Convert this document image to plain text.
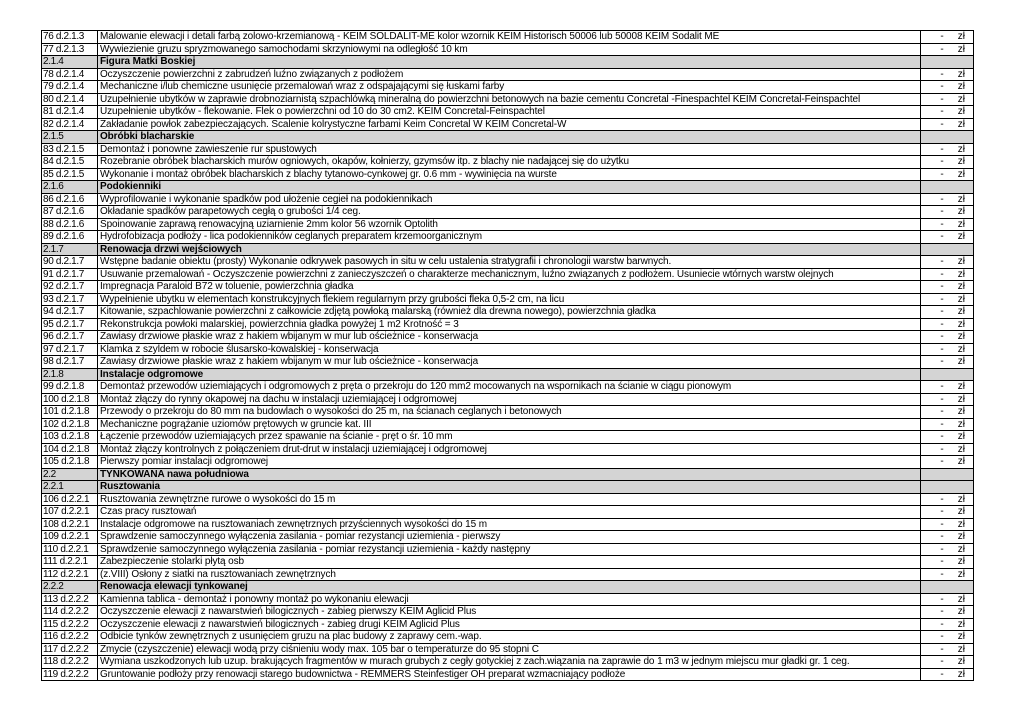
76 d.2.1.3	Malowanie elewacji i detali farbą zolowo-krzemianową - KEIM SOLDALIT-ME kolor wzornik KEIM Historisch 50006 lub 50008 KEIM Sodalit ME	- zł

77 d.2.1.3	Wywiezienie gruzu spryzmowanego samochodami skrzyniowymi na odległość 10 km	- zł

2.1.4	Figura Matki Boskiej	
78 d.2.1.4	Oczyszczenie powierzchni z zabrudzeń luźno związanych z podłożem	- zł

79 d.2.1.4	Mechaniczne i/lub chemiczne usunięcie przemalowań wraz z odspajającymi się łuskami farby	- zł

80 d.2.1.4	Uzupełnienie ubytków w zaprawie drobnoziarnistą szpachlówką mineralną do powierzchni betonowych na bazie cementu Concretal -Finespachtel KEIM Concretal-Feinspachtel	- zł

81 d.2.1.4	Uzupełnienie ubytków - flekowanie. Flek o powierzchni od 10 do 30 cm2. KEIM Concretal-Feinspachtel	- zł

82 d.2.1.4	Zakładanie powłok zabezpieczających. Scalenie kolrystyczne farbami Keim Concretal W KEIM Concretal-W	- zł

2.1.5	Obróbki blacharskie	
83 d.2.1.5	Demontaż i ponowne zawieszenie rur spustowych	- zł

84 d.2.1.5	Rozebranie obróbek blacharskich murów ogniowych, okapów, kołnierzy, gzymsów itp. z blachy nie nadającej się do użytku	- zł

85 d.2.1.5	Wykonanie i montaż obróbek blacharskich z blachy tytanowo-cynkowej gr. 0.6 mm - wywinięcia na wurste	- zł

2.1.6	Podokienniki	
86 d.2.1.6	Wyprofilowanie i wykonanie spadków pod ułożenie cegieł na podokiennikach	- zł

87 d.2.1.6	Okładanie spadków parapetowych cegłą o grubości 1/4 ceg.	- zł

88 d.2.1.6	Spoinowanie zaprawą renowacyjną uziarnienie 2mm kolor 56 wzornik Optolith	- zł

89 d.2.1.6	Hydrofobizacja podłoży - lica podokienników ceglanych preparatem krzemoorganicznym	- zł

2.1.7	Renowacja drzwi wejściowych	
90 d.2.1.7	Wstępne badanie obiektu (prosty) Wykonanie odkrywek pasowych in situ w celu ustalenia stratygrafii i chronologii warstw barwnych.	- zł

91 d.2.1.7	Usuwanie przemalowań - Oczyszczenie powierzchni z zanieczyszczeń o charakterze mechanicznym, luźno związanych z podłożem. Usuniecie wtórnych warstw olejnych	- zł

92 d.2.1.7	Impregnacja Paraloid B72 w toluenie, powierzchnia gładka	- zł

93 d.2.1.7	Wypełnienie ubytku w elementach konstrukcyjnych flekiem regularnym przy grubości fleka 0,5-2 cm, na licu	- zł

94 d.2.1.7	Kitowanie, szpachlowanie powierzchni z całkowicie zdjętą powłoką malarską (również dla drewna nowego), powierzchnia gładka	- zł

95 d.2.1.7	Rekonstrukcja powłoki malarskiej, powierzchnia gładka powyżej 1 m2 Krotność = 3	- zł

96 d.2.1.7	Zawiasy drzwiowe płaskie wraz z hakiem wbijanym w mur lub ościeżnice - konserwacja	- zł

97 d.2.1.7	Klamka z szyldem w robocie ślusarsko-kowalskiej - konserwacja	- zł

98 d.2.1.7	Zawiasy drzwiowe płaskie wraz z hakiem wbijanym w mur lub ościeżnice - konserwacja	- zł

2.1.8	Instalacje odgromowe	
99 d.2.1.8	Demontaż przewodów uziemiających i odgromowych z pręta o przekroju do 120 mm2 mocowanych na wspornikach na ścianie w ciągu pionowym	- zł

100 d.2.1.8	Montaż złączy do rynny okapowej na dachu w instalacji uziemiającej i odgromowej	- zł

101 d.2.1.8	Przewody o przekroju do 80 mm na budowlach o wysokości do 25 m, na ścianach ceglanych i betonowych	- zł

102 d.2.1.8	Mechaniczne pogrążanie uziomów prętowych w gruncie kat. III	- zł

103 d.2.1.8	Łączenie przewodów uziemiających przez spawanie na ścianie - pręt o śr. 10 mm	- zł

104 d.2.1.8	Montaż złączy kontrolnych z połączeniem drut-drut w instalacji uziemiającej i odgromowej	- zł

105 d.2.1.8	Pierwszy pomiar instalacji odgromowej	- zł

2.2	TYNKOWANA nawa południowa	
2.2.1	Rusztowania	
106 d.2.2.1	Rusztowania zewnętrzne rurowe o wysokości do 15 m	- zł

107 d.2.2.1	Czas pracy rusztowań	- zł

108 d.2.2.1	Instalacje odgromowe na rusztowaniach zewnętrznych przyściennych wysokości do 15 m	- zł

109 d.2.2.1	Sprawdzenie samoczynnego wyłączenia zasilania - pomiar rezystancji uziemienia - pierwszy	- zł

110 d.2.2.1	Sprawdzenie samoczynnego wyłączenia zasilania - pomiar rezystancji uziemienia - każdy następny	- zł

111 d.2.2.1	Zabezpieczenie stolarki płytą osb	- zł

112 d.2.2.1	(z.VIII) Osłony z siatki na rusztowaniach zewnętrznych	- zł

2.2.2	Renowacja elewacji tynkowanej	
113 d.2.2.2	Kamienna tablica - demontaż i ponowny montaż po wykonaniu elewacji	- zł

114 d.2.2.2	Oczyszczenie elewacji z nawarstwień bilogicznych - zabieg pierwszy KEIM Aglicid Plus	- zł

115 d.2.2.2	Oczyszczenie elewacji z nawarstwień bilogicznych - zabieg drugi KEIM Aglicid Plus	- zł

116 d.2.2.2	Odbicie tynków zewnętrznych z usunięciem gruzu na plac budowy z zaprawy cem.-wap.	- zł

117 d.2.2.2	Zmycie (czyszczenie) elewacji wodą przy ciśnieniu wody max. 105 bar o temperaturze do 95 stopni C	- zł

118 d.2.2.2	Wymiana uszkodzonych lub uzup. brakujących fragmentów w murach grubych z cegły gotyckiej z zach.wiązania na zaprawie do 1 m3 w jednym miejscu mur gładki gr. 1 ceg.	- zł

119 d.2.2.2	Gruntowanie podłoży przy renowacji starego budownictwa - REMMERS Steinfestiger OH preparat wzmacniający podłoże	- zł
